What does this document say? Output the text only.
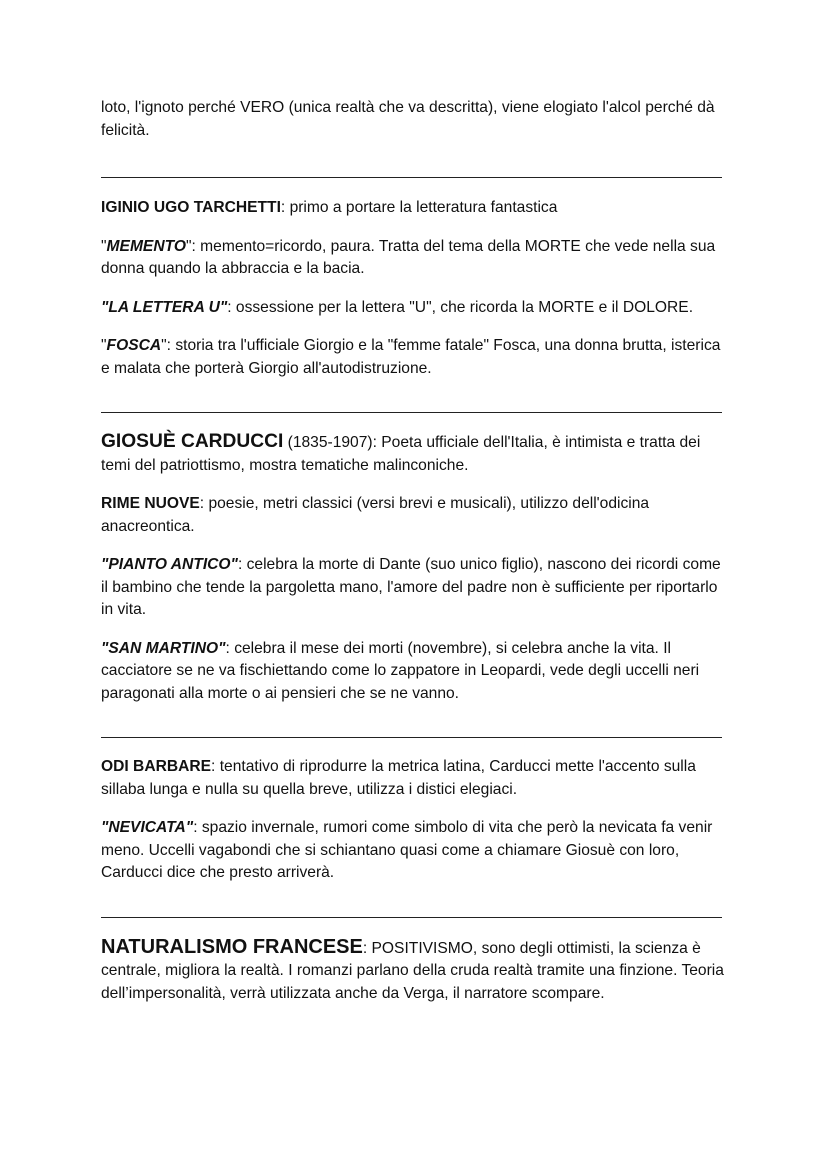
loto, l'ignoto perché VERO (unica realtà che va descritta), viene elogiato l'alcol perché dà felicità.

IGINIO UGO TARCHETTI: primo a portare la letteratura fantastica

"MEMENTO": memento=ricordo, paura. Tratta del tema della MORTE che vede nella sua donna quando la abbraccia e la bacia.

"LA LETTERA U": ossessione per la lettera "U", che ricorda la MORTE e il DOLORE.

"FOSCA": storia tra l'ufficiale Giorgio e la "femme fatale" Fosca, una donna brutta, isterica e malata che porterà Giorgio all'autodistruzione.

GIOSUÈ CARDUCCI (1835-1907): Poeta ufficiale dell'Italia, è intimista e tratta dei temi del patriottismo, mostra tematiche malinconiche.

RIME NUOVE: poesie, metri classici (versi brevi e musicali), utilizzo dell'odicina anacreontica.

"PIANTO ANTICO": celebra la morte di Dante (suo unico figlio), nascono dei ricordi come il bambino che tende la pargoletta mano, l'amore del padre non è sufficiente per riportarlo in vita.

"SAN MARTINO": celebra il mese dei morti (novembre), si celebra anche la vita. Il cacciatore se ne va fischiettando come lo zappatore in Leopardi, vede degli uccelli neri paragonati alla morte o ai pensieri che se ne vanno.

ODI BARBARE: tentativo di riprodurre la metrica latina, Carducci mette l'accento sulla sillaba lunga e nulla su quella breve, utilizza i distici elegiaci.

"NEVICATA": spazio invernale, rumori come simbolo di vita che però la nevicata fa venir meno. Uccelli vagabondi che si schiantano quasi come a chiamare Giosuè con loro, Carducci dice che presto arriverà.

NATURALISMO FRANCESE: POSITIVISMO, sono degli ottimisti, la scienza è centrale, migliora la realtà. I romanzi parlano della cruda realtà tramite una finzione. Teoria dell’impersonalità, verrà utilizzata anche da Verga, il narratore scompare.
